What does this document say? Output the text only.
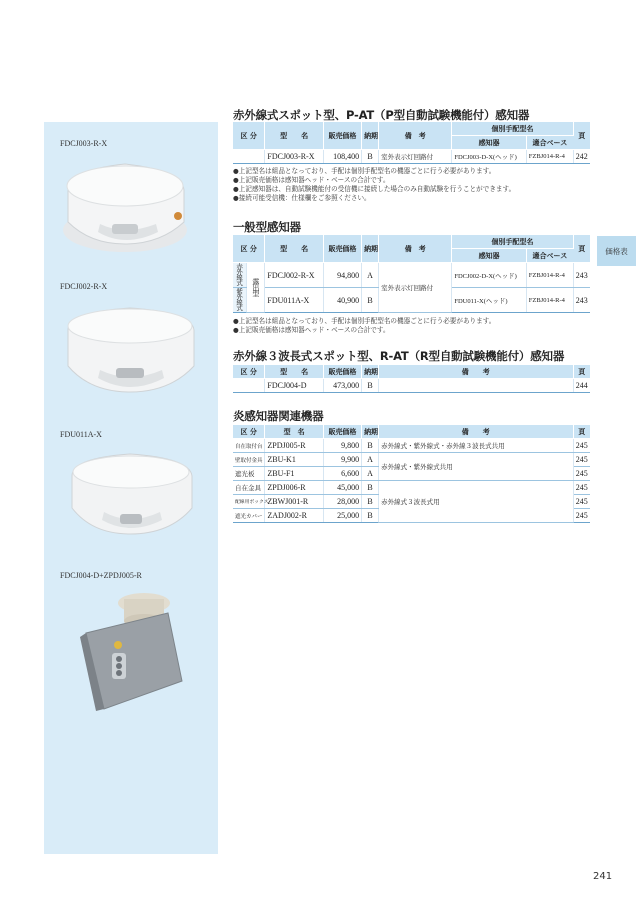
FDCJ003-R-X
FDCJ002-R-X
FDU011A-X
FDCJ004-D+ZPDJ005-R
赤外線式スポット型、P-AT（P型自動試験機能付）感知器
区 分	型　　名	販売価格	納期	備　考	個別手配型名		頁
					感知器	適合ベース	
	FDCJ003-R-X	108,400	B	室外表示灯回路付	FDCJ003-D-X(ヘッド)	FZBJ014-R-4	242
●上記型名は組品となっており、手配は個別手配型名の機器ごとに行う必要があります。
●上記販売価格は感知器ヘッド・ベースの合計です。
●上記感知器は、自動試験機能付の受信機に接続した場合のみ自動試験を行うことができます。
●接続可能受信機：仕様欄をご参照ください。
一般型感知器
区 分		型　　名	販売価格	納期	備　考	個別手配型名		頁
						感知器	適合ベース	
赤外線式	露出型	FDCJ002-R-X	94,800	A	室外表示灯回路付	FDCJ002-D-X(ヘッド)	FZBJ014-R-4	243
紫外線式		FDU011A-X	40,900	B		FDU011-X(ヘッド)	FZBJ014-R-4	243
●上記型名は組品となっており、手配は個別手配型名の機器ごとに行う必要があります。
●上記販売価格は感知器ヘッド・ベースの合計です。
赤外線３波長式スポット型、R-AT（R型自動試験機能付）感知器
区 分	型　　名	販売価格	納期	備　　考	頁
	FDCJ004-D	473,000	B		244
炎感知器関連機器
区 分	型　名	販売価格	納期	備　　考	頁
自在取付台	ZPDJ005-R	9,800	B	赤外線式・紫外線式・赤外線３波長式共用	245
壁取付金具	ZBU-K1	9,900	A	赤外線式・紫外線式共用	245
遮光板	ZBU-F1	6,600	A		245
自在金具	ZPDJ006-R	45,000	B	赤外線式３波長式用	245
配線用ボックス	ZBWJ001-R	28,000	B		245
遮光カバー	ZADJ002-R	25,000	B		245
価格表
241
